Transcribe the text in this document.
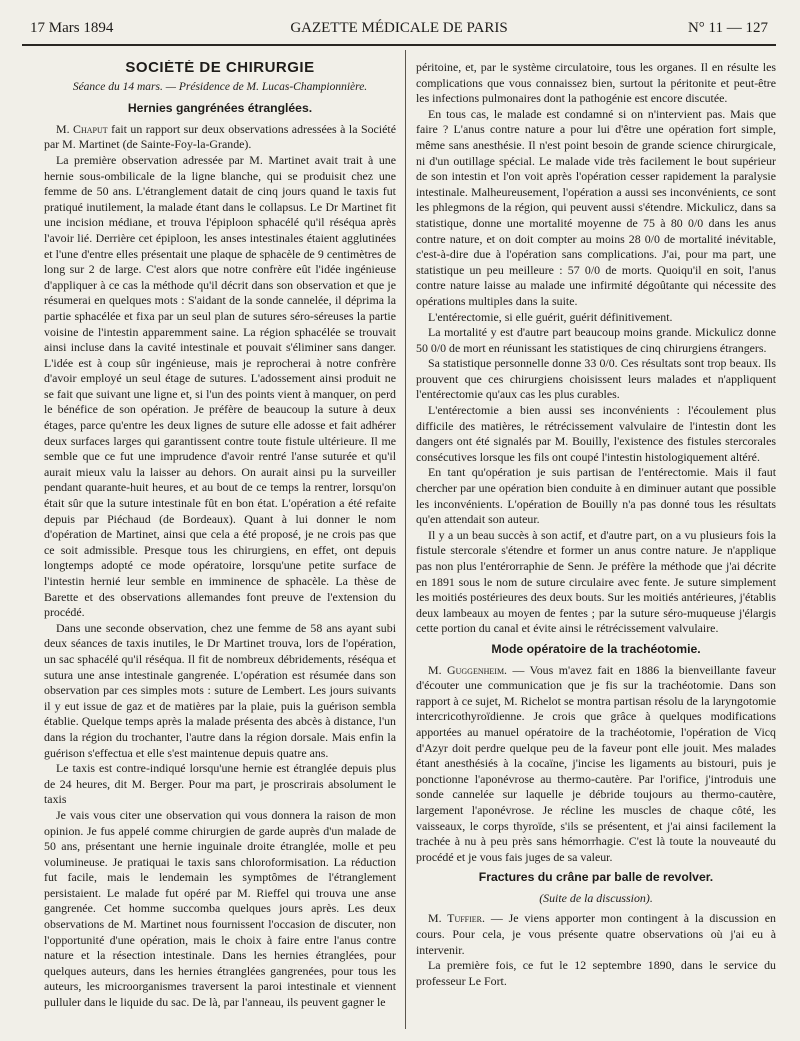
17 Mars 1894	GAZETTE MÉDICALE DE PARIS	N° 11 — 127
SOCIÉTÉ DE CHIRURGIE
Séance du 14 mars. — Présidence de M. Lucas-Championnière.
Hernies gangrénées étranglées.

M. Chaput fait un rapport sur deux observations adressées à la Société par M. Martinet (de Sainte-Foy-la-Grande).

La première observation adressée par M. Martinet avait trait à une hernie sous-ombilicale de la ligne blanche, qui se produisit chez une femme de 50 ans. L'étranglement datait de cinq jours quand le taxis fut pratiqué inutilement, la malade étant dans le collapsus. Le Dr Martinet fit une incision médiane, et trouva l'épiploon sphacélé qu'il réséqua après l'avoir lié. Derrière cet épiploon, les anses intestinales étaient agglutinées et l'une d'entre elles présentait une plaque de sphacèle de 9 centimètres de long sur 2 de large. C'est alors que notre confrère eût l'idée ingénieuse d'appliquer à ce cas la méthode qu'il décrit dans son observation et que je résumerai en quelques mots : S'aidant de la sonde cannelée, il déprima la partie sphacélée et fixa par un seul plan de sutures séro-séreuses la partie voisine de l'intestin apparemment saine. La région sphacélée se trouvait ainsi incluse dans la cavité intestinale et pouvait s'éliminer sans danger. L'idée est à coup sûr ingénieuse, mais je reprocherai à notre confrère d'avoir employé un seul étage de sutures. L'adossement ainsi produit ne se fait que suivant une ligne et, si l'un des points vient à manquer, on perd le bénéfice de son opération. Je préfère de beaucoup la suture à deux étages, parce qu'entre les deux lignes de suture elle adosse et fait adhérer deux surfaces larges qui garantissent contre toute fistule ultérieure. Il me semble que ce fut une imprudence d'avoir rentré l'anse suturée et qu'il aurait mieux valu la laisser au dehors. On aurait ainsi pu la surveiller pendant quarante-huit heures, et au bout de ce temps la rentrer, lorsqu'on était sûr que la suture intestinale fût en bon état. L'opération a été refaite depuis par Piéchaud (de Bordeaux). Quant à lui donner le nom d'opération de Martinet, ainsi que cela a été proposé, je ne crois pas que ce soit admissible. Presque tous les chirurgiens, en effet, ont depuis longtemps adopté ce mode opératoire, lorsqu'une petite surface de l'intestin hernié leur semble en imminence de sphacèle. La thèse de Barette et des observations allemandes font preuve de l'extension du procédé.

Dans une seconde observation, chez une femme de 58 ans ayant subi deux séances de taxis inutiles, le Dr Martinet trouva, lors de l'opération, un sac sphacélé qu'il réséqua. Il fit de nombreux débridements, réséqua et sutura une anse intestinale gangrenée. L'opération est résumée dans son observation par ces simples mots : suture de Lembert. Les jours suivants il y eut issue de gaz et de matières par la plaie, puis la guérison sembla établie. Quelque temps après la malade présenta des abcès à distance, l'un dans la région du trochanter, l'autre dans la région dorsale. Mais enfin la guérison s'effectua et elle s'est maintenue depuis quatre ans.

Le taxis est contre-indiqué lorsqu'une hernie est étranglée depuis plus de 24 heures, dit M. Berger. Pour ma part, je proscrirais absolument le taxis

Je vais vous citer une observation qui vous donnera la raison de mon opinion. Je fus appelé comme chirurgien de garde auprès d'un malade de 50 ans, présentant une hernie inguinale droite étranglée, molle et peu volumineuse. Je pratiquai le taxis sans chloroformisation. La réduction fut facile, mais le lendemain les symptômes de l'étranglement persistaient. Le malade fut opéré par M. Rieffel qui trouva une anse gangrenée. Cet homme succomba quelques jours après. Les deux observations de M. Martinet nous fournissent l'occasion de discuter, non l'opportunité d'une opération, mais le choix à faire entre l'anus contre nature et la résection intestinale. Dans les hernies étranglées, pour quelques auteurs, dans les hernies étranglées gangrenées, pour tous les auteurs, les microorganismes traversent la paroi intestinale et viennent pulluler dans le liquide du sac. De là, par l'anneau, ils peuvent gagner le

péritoine, et, par le système circulatoire, tous les organes. Il en résulte les complications que vous connaissez bien, surtout la péritonite et peut-être les infections pulmonaires dont la pathogénie est encore discutée.

En tous cas, le malade est condamné si on n'intervient pas. Mais que faire ? L'anus contre nature a pour lui d'être une opération fort simple, même sans anesthésie. Il n'est point besoin de grande science chirurgicale, ni d'un outillage spécial. Le malade vide très facilement le bout supérieur de son intestin et l'on voit après l'opération cesser rapidement la paralysie intestinale. Malheureusement, l'opération a aussi ses inconvénients, ce sont les phlegmons de la région, qui peuvent aussi s'étendre. Mickulicz, dans sa statistique, donne une mortalité moyenne de 75 à 80 0/0 dans les anus contre nature, et on doit compter au moins 28 0/0 de mortalité inévitable, c'est-à-dire due à l'opération sans complications. J'ai, pour ma part, une statistique un peu meilleure : 57 0/0 de morts. Quoiqu'il en soit, l'anus contre nature laisse au malade une infirmité dégoûtante qui nécessite des opérations multiples dans la suite.

L'entérectomie, si elle guérit, guérit définitivement.

La mortalité y est d'autre part beaucoup moins grande. Mickulicz donne 50 0/0 de mort en réunissant les statistiques de cinq chirurgiens étrangers.

Sa statistique personnelle donne 33 0/0. Ces résultats sont trop beaux. Ils prouvent que ces chirurgiens choisissent leurs malades et n'appliquent l'entérectomie qu'aux cas les plus curables.

L'entérectomie a bien aussi ses inconvénients : l'écoulement plus difficile des matières, le rétrécissement valvulaire de l'intestin dont les dangers ont été signalés par M. Bouilly, l'existence des fistules stercorales consécutives lorsque les fils ont coupé l'intestin histologiquement altéré.

En tant qu'opération je suis partisan de l'entérectomie. Mais il faut chercher par une opération bien conduite à en diminuer autant que possible les inconvénients. L'opération de Bouilly n'a pas donné tous les résultats qu'en attendait son auteur.

Il y a un beau succès à son actif, et d'autre part, on a vu plusieurs fois la fistule stercorale s'étendre et former un anus contre nature. Je n'applique pas non plus l'entérorraphie de Senn. Je préfère la méthode que j'ai décrite en 1891 sous le nom de suture circulaire avec fente. Je suture simplement les moitiés postérieures des deux bouts. Sur les moitiés antérieures, j'établis deux lambeaux au moyen de fentes ; par la suture séro-muqueuse j'élargis cette portion du canal et évite ainsi le rétrécissement valvulaire.

Mode opératoire de la trachéotomie.

M. Guggenheim. — Vous m'avez fait en 1886 la bienveillante faveur d'écouter une communication que je fis sur la trachéotomie. Dans son rapport à ce sujet, M. Richelot se montra partisan résolu de la laryngotomie intercricothyroïdienne. Je crois que grâce à quelques modifications apportées au manuel opératoire de la trachéotomie, l'opération de Vicq d'Azyr doit perdre quelque peu de la faveur pont elle jouit. Mes malades étant anesthésiés à la cocaïne, j'incise les ligaments au bistouri, puis je ponctionne l'aponévrose au thermo-cautère. Par l'orifice, j'introduis une sonde cannelée sur laquelle je débride toujours au thermo-cautère, largement l'aponévrose. Je récline les muscles de chaque côté, les vaisseaux, le corps thyroïde, s'ils se présentent, et j'ai ainsi facilement la trachée à nu à peu près sans hémorrhagie. C'est là toute la nouveauté du procédé et je vous fais juges de sa valeur.

Fractures du crâne par balle de revolver.
(Suite de la discussion).

M. Tuffier. — Je viens apporter mon contingent à la discussion en cours. Pour cela, je vous présente quatre observations où j'ai eu à intervenir.

La première fois, ce fut le 12 septembre 1890, dans le service du professeur Le Fort.
